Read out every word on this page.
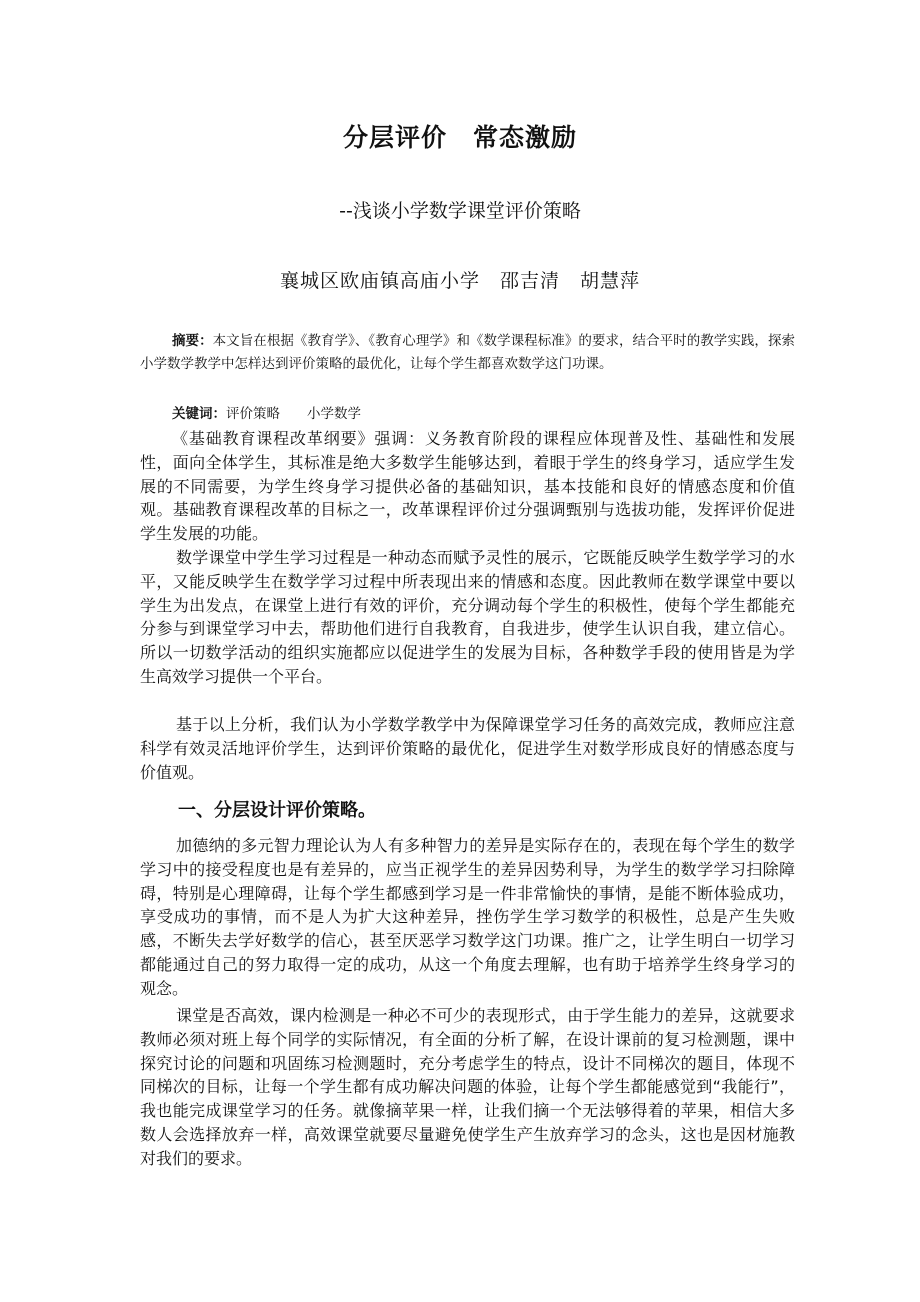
分层评价　常态激励
--浅谈小学数学课堂评价策略
襄城区欧庙镇高庙小学　邵吉清　胡慧萍
摘要：本文旨在根据《教育学》、《教育心理学》和《数学课程标准》的要求，结合平时的教学实践，探索小学数学教学中怎样达到评价策略的最优化，让每个学生都喜欢数学这门功课。
关键词：评价策略　　小学数学
《基础教育课程改革纲要》强调：义务教育阶段的课程应体现普及性、基础性和发展性，面向全体学生，其标准是绝大多数学生能够达到，着眼于学生的终身学习，适应学生发展的不同需要，为学生终身学习提供必备的基础知识，基本技能和良好的情感态度和价值观。基础教育课程改革的目标之一，改革课程评价过分强调甄别与选拔功能，发挥评价促进学生发展的功能。
数学课堂中学生学习过程是一种动态而赋予灵性的展示，它既能反映学生数学学习的水平，又能反映学生在数学学习过程中所表现出来的情感和态度。因此教师在数学课堂中要以学生为出发点，在课堂上进行有效的评价，充分调动每个学生的积极性，使每个学生都能充分参与到课堂学习中去，帮助他们进行自我教育，自我进步，使学生认识自我，建立信心。所以一切数学活动的组织实施都应以促进学生的发展为目标，各种数学手段的使用皆是为学生高效学习提供一个平台。
基于以上分析，我们认为小学数学教学中为保障课堂学习任务的高效完成，教师应注意科学有效灵活地评价学生，达到评价策略的最优化，促进学生对数学形成良好的情感态度与价值观。
一、分层设计评价策略。
加德纳的多元智力理论认为人有多种智力的差异是实际存在的，表现在每个学生的数学学习中的接受程度也是有差异的，应当正视学生的差异因势利导，为学生的数学学习扫除障碍，特别是心理障碍，让每个学生都感到学习是一件非常愉快的事情，是能不断体验成功，享受成功的事情，而不是人为扩大这种差异，挫伤学生学习数学的积极性，总是产生失败感，不断失去学好数学的信心，甚至厌恶学习数学这门功课。推广之，让学生明白一切学习都能通过自己的努力取得一定的成功，从这一个角度去理解，也有助于培养学生终身学习的观念。
课堂是否高效，课内检测是一种必不可少的表现形式，由于学生能力的差异，这就要求教师必须对班上每个同学的实际情况，有全面的分析了解，在设计课前的复习检测题，课中探究讨论的问题和巩固练习检测题时，充分考虑学生的特点，设计不同梯次的题目，体现不同梯次的目标，让每一个学生都有成功解决问题的体验，让每个学生都能感觉到“我能行”，我也能完成课堂学习的任务。就像摘苹果一样，让我们摘一个无法够得着的苹果，相信大多数人会选择放弃一样，高效课堂就要尽量避免使学生产生放弃学习的念头，这也是因材施教对我们的要求。
